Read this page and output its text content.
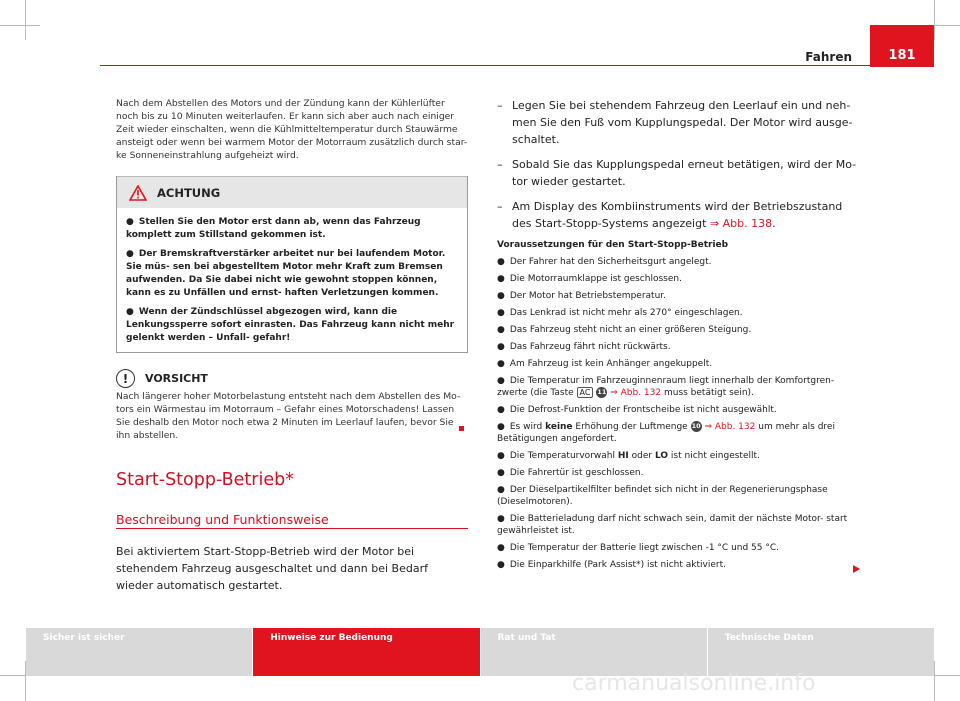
Fahren	181

Nach dem Abstellen des Motors und der Zündung kann der Kühlerlüfter noch bis zu 10 Minuten weiterlaufen. Er kann sich aber auch nach einiger Zeit wieder einschalten, wenn die Kühlmitteltemperatur durch Stauwärme ansteigt oder wenn bei warmem Motor der Motorraum zusätzlich durch star- ke Sonneneinstrahlung aufgeheizt wird.

ACHTUNG

● Stellen Sie den Motor erst dann ab, wenn das Fahrzeug komplett zum Stillstand gekommen ist.

● Der Bremskraftverstärker arbeitet nur bei laufendem Motor. Sie müs- sen bei abgestelltem Motor mehr Kraft zum Bremsen aufwenden. Da Sie dabei nicht wie gewohnt stoppen können, kann es zu Unfällen und ernst- haften Verletzungen kommen.

● Wenn der Zündschlüssel abgezogen wird, kann die Lenkungssperre sofort einrasten. Das Fahrzeug kann nicht mehr gelenkt werden – Unfall- gefahr!

!	VORSICHT

Nach längerer hoher Motorbelastung entsteht nach dem Abstellen des Mo- tors ein Wärmestau im Motorraum – Gefahr eines Motorschadens! Lassen Sie deshalb den Motor noch etwa 2 Minuten im Leerlauf laufen, bevor Sie ihn abstellen.

Start-Stopp-Betrieb*
Beschreibung und Funktionsweise

Bei aktiviertem Start-Stopp-Betrieb wird der Motor bei stehendem Fahrzeug ausgeschaltet und dann bei Bedarf wieder automatisch gestartet.

– Legen Sie bei stehendem Fahrzeug den Leerlauf ein und neh- men Sie den Fuß vom Kupplungspedal. Der Motor wird ausge- schaltet.
– Sobald Sie das Kupplungspedal erneut betätigen, wird der Mo- tor wieder gestartet.
– Am Display des Kombiinstruments wird der Betriebszustand des Start-Stopp-Systems angezeigt ⇒ Abb. 138.

Voraussetzungen für den Start-Stopp-Betrieb

● Der Fahrer hat den Sicherheitsgurt angelegt.

● Die Motorraumklappe ist geschlossen.

● Der Motor hat Betriebstemperatur.

● Das Lenkrad ist nicht mehr als 270° eingeschlagen.

● Das Fahrzeug steht nicht an einer größeren Steigung.

● Das Fahrzeug fährt nicht rückwärts.

● Am Fahrzeug ist kein Anhänger angekuppelt.

● Die Temperatur im Fahrzeuginnenraum liegt innerhalb der Komfortgren- zwerte (die Taste AC 11 ⇒ Abb. 132 muss betätigt sein).

● Die Defrost-Funktion der Frontscheibe ist nicht ausgewählt.

● Es wird keine Erhöhung der Luftmenge 10 ⇒ Abb. 132 um mehr als drei Betätigungen angefordert.

● Die Temperaturvorwahl HI oder LO ist nicht eingestellt.

● Die Fahrertür ist geschlossen.

● Der Dieselpartikelfilter befindet sich nicht in der Regenerierungsphase (Dieselmotoren).

● Die Batterieladung darf nicht schwach sein, damit der nächste Motor- start gewährleistet ist.

● Die Temperatur der Batterie liegt zwischen -1 °C und 55 °C.

● Die Einparkhilfe (Park Assist*) ist nicht aktiviert.

Sicher ist sicher	Hinweise zur Bedienung	Rat und Tat	Technische Daten
carmanualsonline.info
